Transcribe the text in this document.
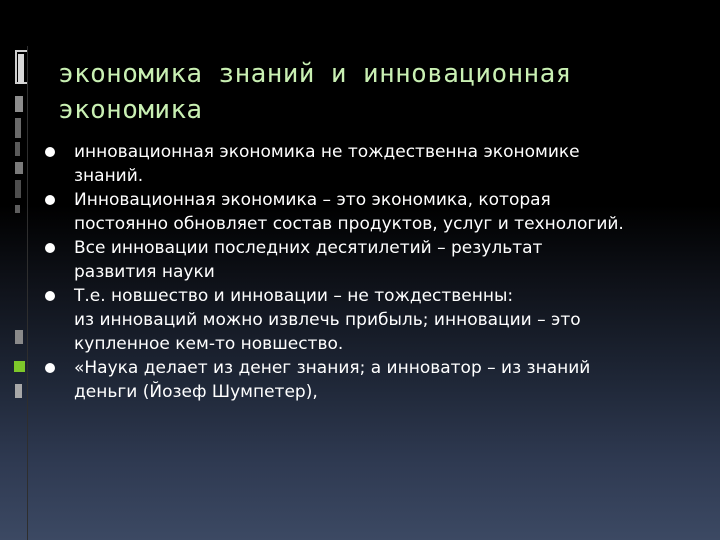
экономика знаний и инновационная экономика
инновационная экономика не тождественна экономике
знаний.
Инновационная экономика – это экономика, которая
постоянно обновляет состав продуктов, услуг и технологий.
Все инновации последних десятилетий – результат
развития науки
Т.е. новшество и инновации – не тождественны:
из инноваций можно извлечь прибыль; инновации – это
купленное кем-то новшество.
«Наука делает из денег знания; а инноватор – из знаний
деньги (Йозеф Шумпетер),
